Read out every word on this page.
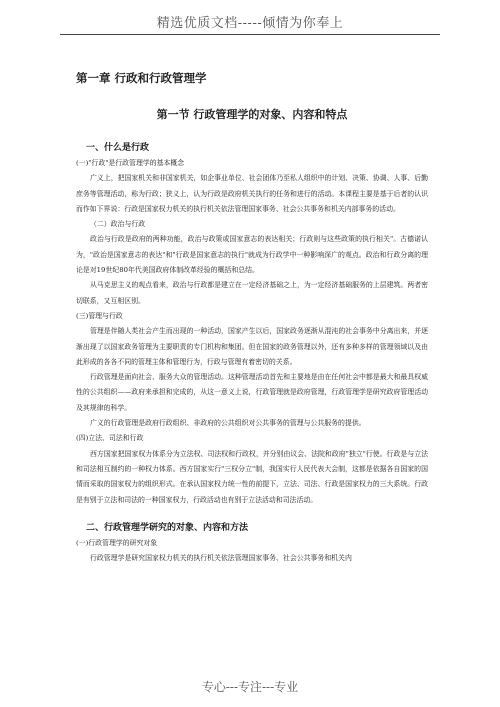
精选优质文档-----倾情为你奉上
第一章 行政和行政管理学
第一节 行政管理学的对象、内容和特点
一、什么是行政
(一)"行政"是行政管理学的基本概念
广义上，把国家机关和非国家机关，如企事业单位、社会团体乃至私人组织中的计划、决策、协调、人事、后勤庶务等管理活动，称为行政；狭义上，认为行政是政府机关执行的任务和进行的活动。本课程主要是基于后者的认识而作如下界说：行政是国家权力机关的执行机关依法管理国家事务、社会公共事务和机关内部事务的活动。
（二）政治与行政
政治与行政是政府的两种功能，政治与政策或国家意志的表达相关；行政则与这些政策的执行相关"。古德诺认为，"政治是国家意志的表达"和"行政是国家意志的执行"就成为行政学中一种影响深广的观点。政治和行政分离的理论是对19世纪80年代美国政府体制改革经验的概括和总结。
从马克思主义的观点看来，政治与行政都是建立在一定经济基础之上，为一定经济基础服务的上层建筑。两者密切联系，又互相区别。
(三)管理与行政
管理是伴随人类社会产生而出现的一种活动，国家产生以后，国家政务逐渐从混沌的社会事务中分离出来，并逐渐出现了以国家政务管理为主要职责的专门机构和集团。但在国家的政务管理以外，还有多种多样的管理领域以及由此形成的各各不同的管理主体和管理行为，行政与管理有着密切的关系。
行政管理是面向社会、服务大众的管理活动。这种管理活动首先和主要地是由在任何社会中都是最大和最具权威性的公共组织——政府来承担和完成的，从这一意义上说，行政管理就是政府管理，行政管理学是研究政府管理活动及其规律的科学。
广义的行政管理是政府行政组织、非政府的公共组织对公共事务的管理与公共服务的提供。
(四)立法、司法和行政
西方国家把国家权力体系分为立法权、司法权和行政权，并分别由议会、法院和政府"独立"行使。行政是与立法和司法相互制约的一种权力体系。西方国家实行"三权分立"制，我国实行人民代表大会制，这都是依据各自国家的国情而采取的国家权力的组织形式。在承认国家权力统一性的前提下，立法、司法、行政是国家权力的三大系统。行政是有别于立法和司法的一种国家权力，行政活动也有别于立法活动和司法活动。
二、行政管理学研究的对象、内容和方法
(一)行政管理学的研究对象
行政管理学是研究国家权力机关的执行机关依法管理国家事务、社会公共事务和机关内
专心---专注---专业
